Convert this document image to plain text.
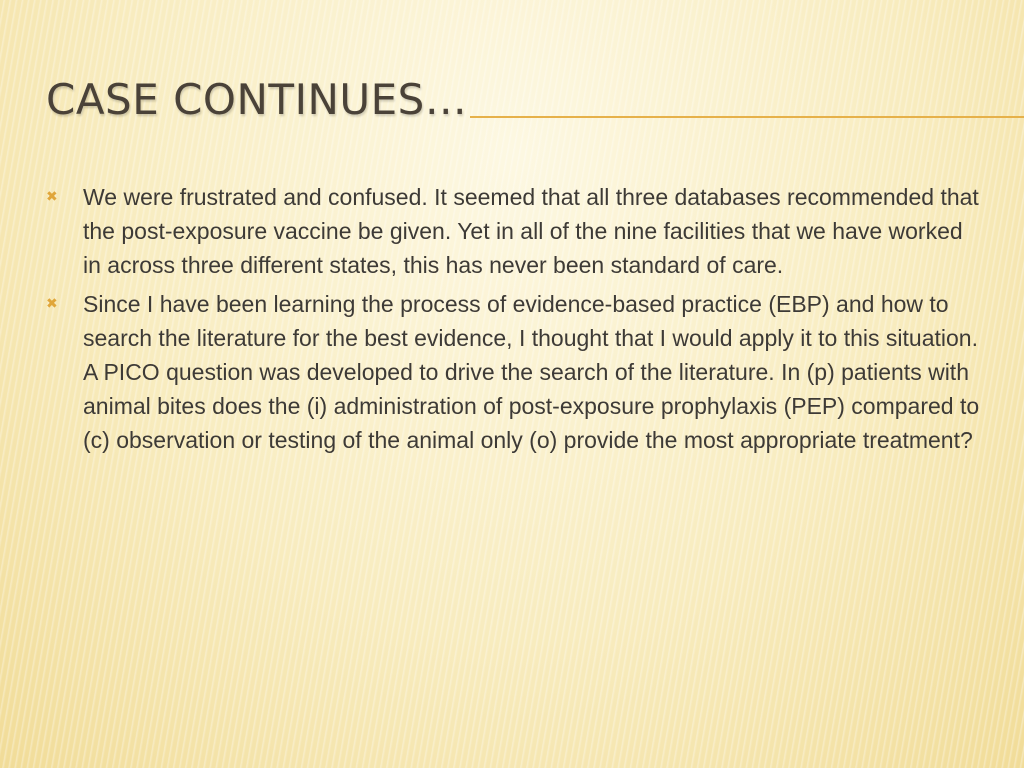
CASE CONTINUES…
✖ We were frustrated and confused. It seemed that all three databases recommended that the post-exposure vaccine be given. Yet in all of the nine facilities that we have worked in across three different states, this has never been standard of care.
✖ Since I have been learning the process of evidence-based practice (EBP) and how to search the literature for the best evidence, I thought that I would apply it to this situation. A PICO question was developed to drive the search of the literature. In (p) patients with animal bites does the (i) administration of post-exposure prophylaxis (PEP) compared to (c) observation or testing of the animal only (o) provide the most appropriate treatment?
